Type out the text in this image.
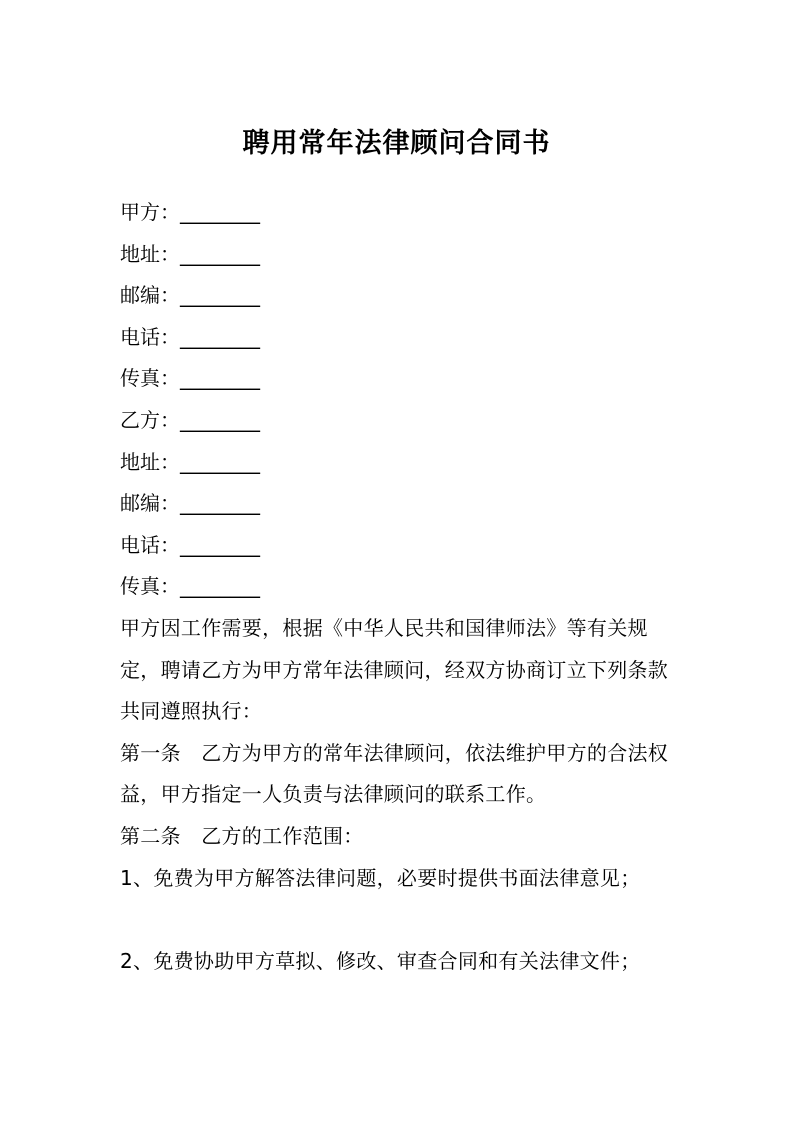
聘用常年法律顾问合同书
甲方：________
地址：________
邮编：________
电话：________
传真：________
乙方：________
地址：________
邮编：________
电话：________
传真：________

甲方因工作需要，根据《中华人民共和国律师法》等有关规定，聘请乙方为甲方常年法律顾问，经双方协商订立下列条款共同遵照执行：

第一条　乙方为甲方的常年法律顾问，依法维护甲方的合法权益，甲方指定一人负责与法律顾问的联系工作。

第二条　乙方的工作范围：

1、免费为甲方解答法律问题，必要时提供书面法律意见；

2、免费协助甲方草拟、修改、审查合同和有关法律文件；
